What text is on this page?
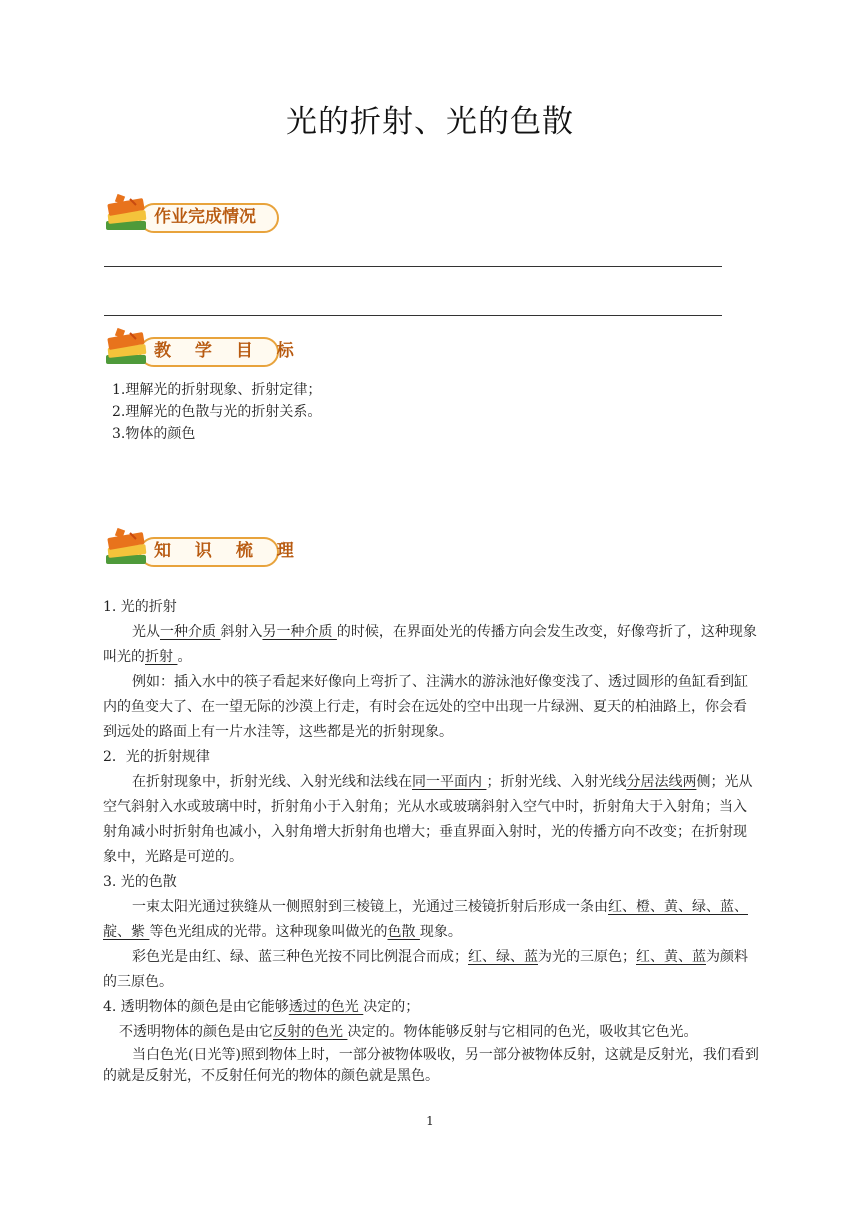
光的折射、光的色散
作业完成情况
教 学 目 标
1.理解光的折射现象、折射定律；
2.理解光的色散与光的折射关系。
3.物体的颜色
知 识 梳 理

1. 光的折射

光从一种介质 斜射入另一种介质 的时候，在界面处光的传播方向会发生改变，好像弯折了，这种现象叫光的折射 。

例如：插入水中的筷子看起来好像向上弯折了、注满水的游泳池好像变浅了、透过圆形的鱼缸看到缸内的鱼变大了、在一望无际的沙漠上行走，有时会在远处的空中出现一片绿洲、夏天的柏油路上，你会看到远处的路面上有一片水洼等，这些都是光的折射现象。

2．光的折射规律

在折射现象中，折射光线、入射光线和法线在同一平面内 ；折射光线、入射光线分居法线两侧；光从空气斜射入水或玻璃中时，折射角小于入射角；光从水或玻璃斜射入空气中时，折射角大于入射角；当入射角减小时折射角也减小，入射角增大折射角也增大；垂直界面入射时，光的传播方向不改变；在折射现象中，光路是可逆的。

3. 光的色散

一束太阳光通过狭缝从一侧照射到三棱镜上，光通过三棱镜折射后形成一条由红、橙、黄、绿、蓝、靛、紫 等色光组成的光带。这种现象叫做光的色散 现象。

彩色光是由红、绿、蓝三种色光按不同比例混合而成；红、绿、蓝为光的三原色；红、黄、蓝为颜料的三原色。

4. 透明物体的颜色是由它能够透过的色光 决定的；

不透明物体的颜色是由它反射的色光 决定的。物体能够反射与它相同的色光，吸收其它色光。

当白色光(日光等)照到物体上时，一部分被物体吸收，另一部分被物体反射，这就是反射光，我们看到的就是反射光，不反射任何光的物体的颜色就是黑色。

1
